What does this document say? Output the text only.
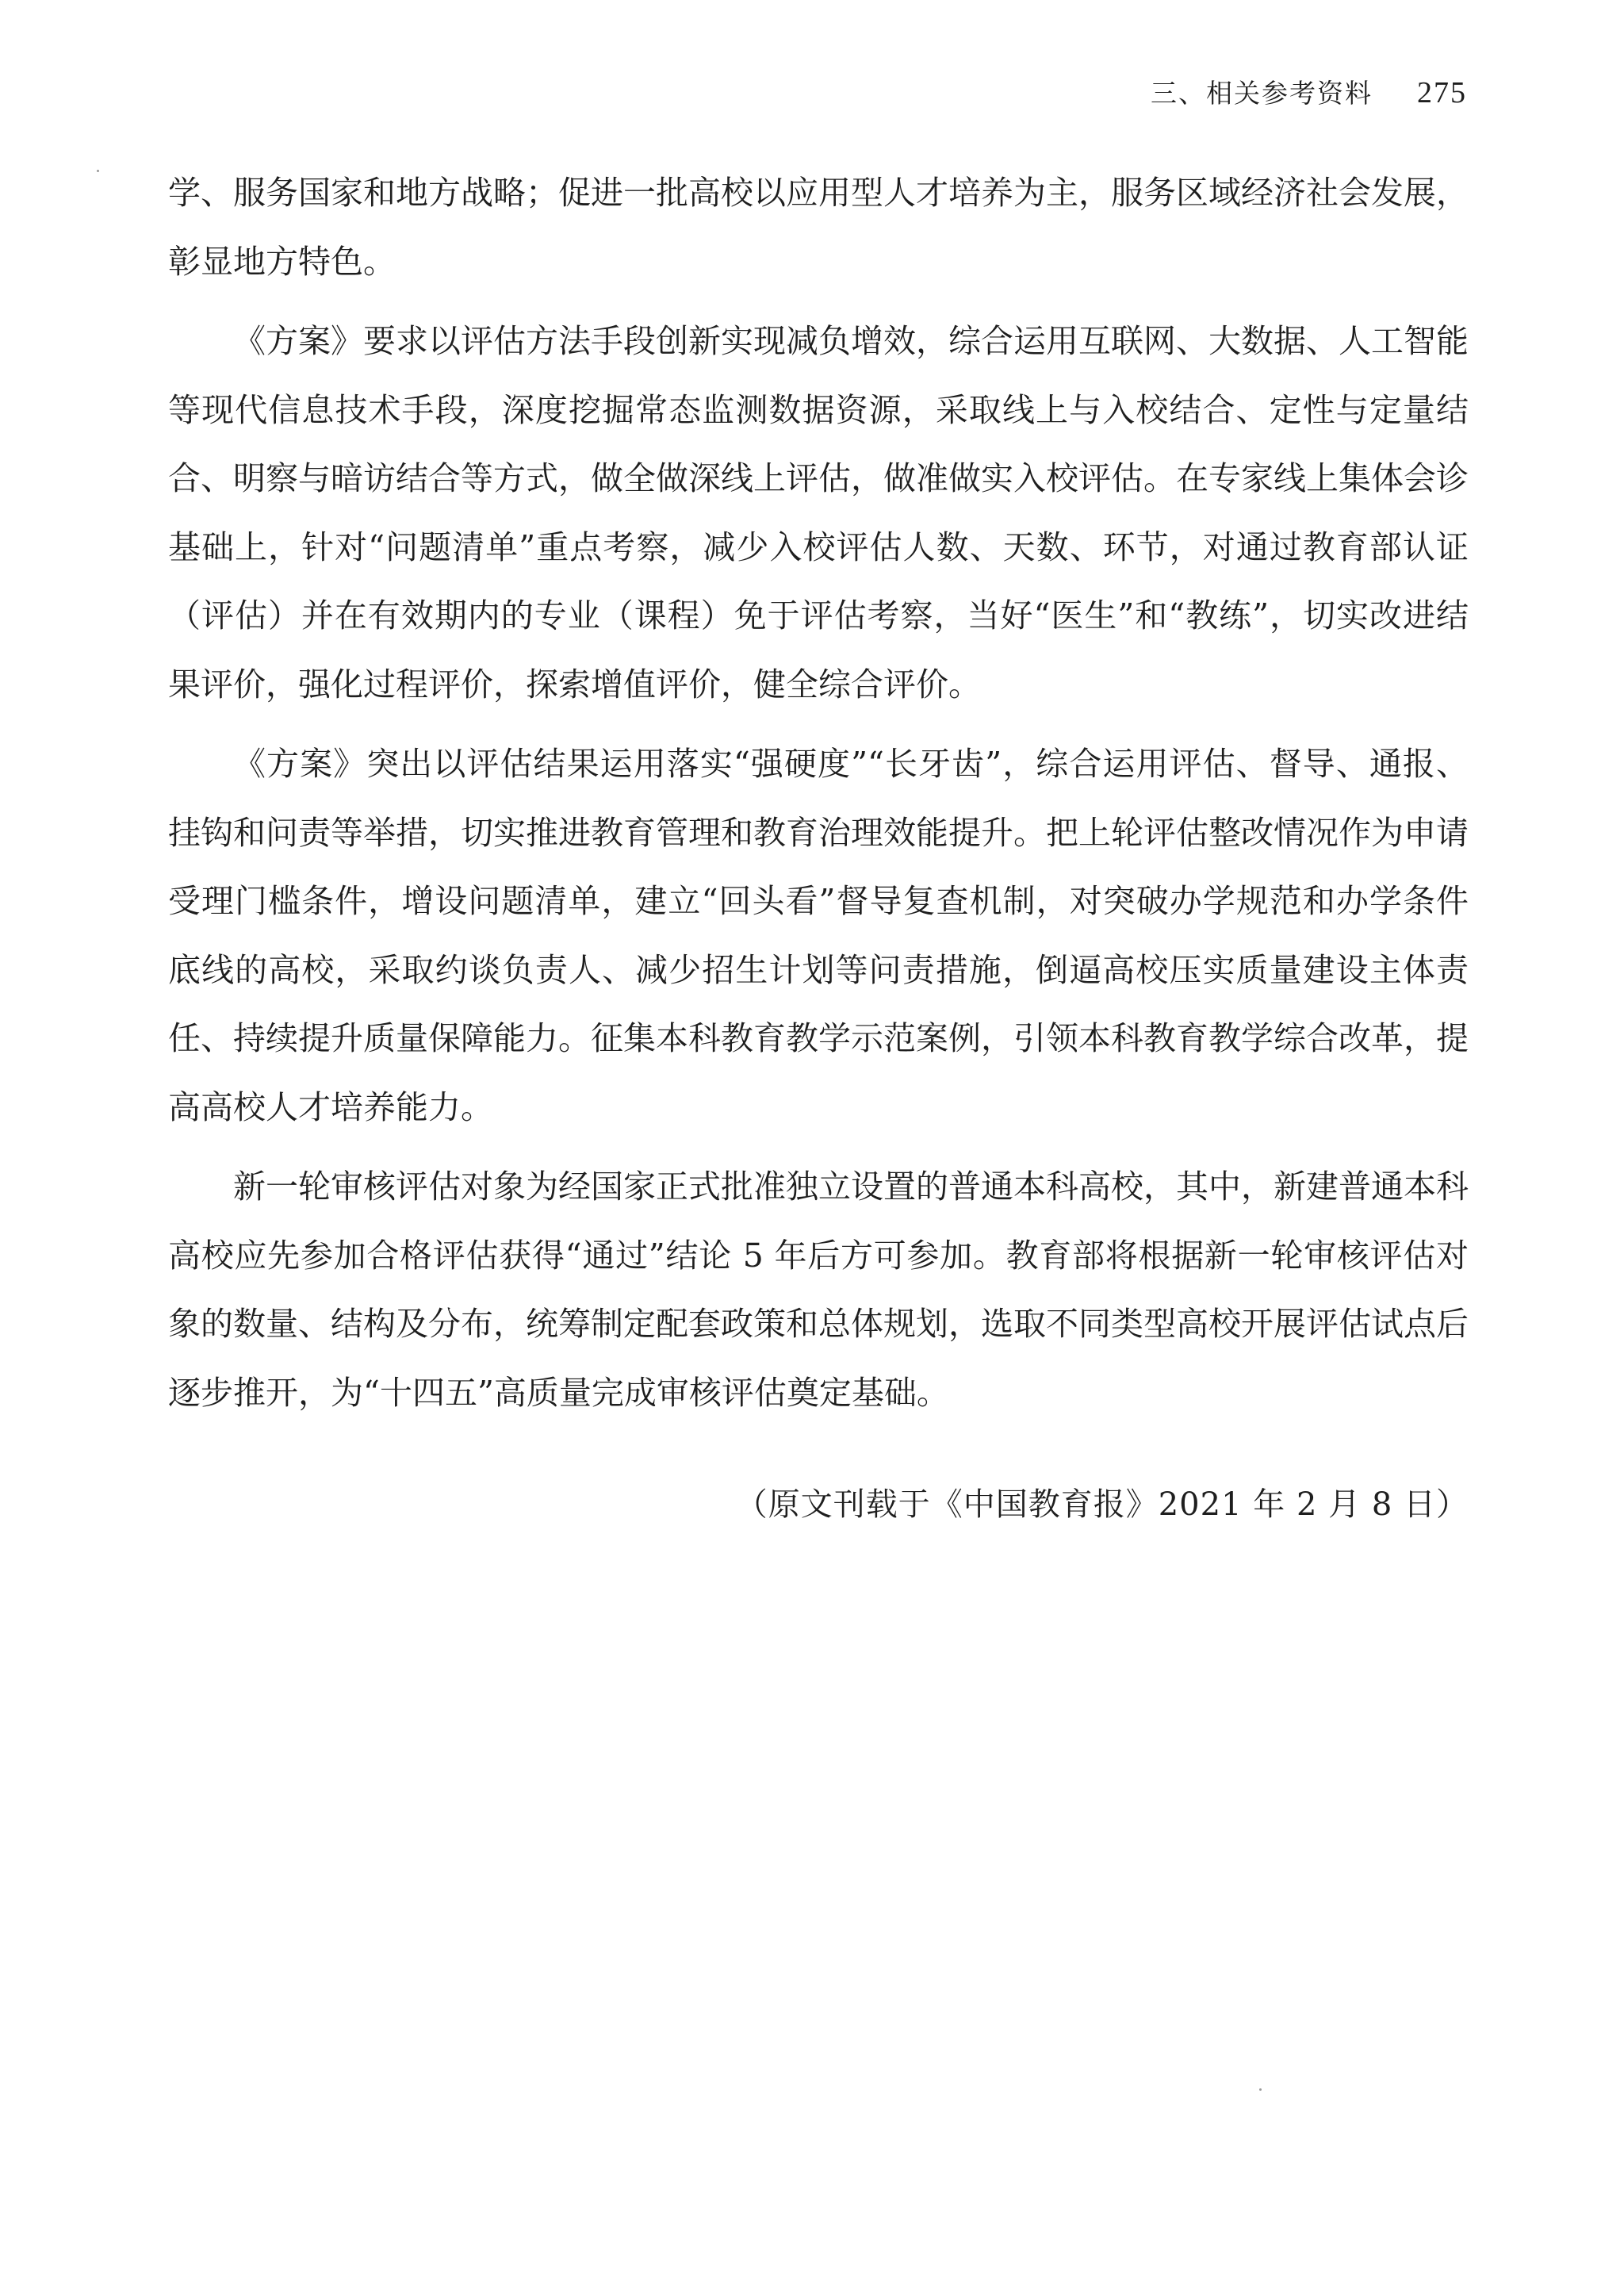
三、相关参考资料 275

学、服务国家和地方战略；促进一批高校以应用型人才培养为主，服务区域经济社会发展，彰显地方特色。

《方案》要求以评估方法手段创新实现减负增效，综合运用互联网、大数据、人工智能等现代信息技术手段，深度挖掘常态监测数据资源，采取线上与入校结合、定性与定量结合、明察与暗访结合等方式，做全做深线上评估，做准做实入校评估。在专家线上集体会诊基础上，针对“问题清单”重点考察，减少入校评估人数、天数、环节，对通过教育部认证（评估）并在有效期内的专业（课程）免于评估考察，当好“医生”和“教练”，切实改进结果评价，强化过程评价，探索增值评价，健全综合评价。

《方案》突出以评估结果运用落实“强硬度”“长牙齿”，综合运用评估、督导、通报、挂钩和问责等举措，切实推进教育管理和教育治理效能提升。把上轮评估整改情况作为申请受理门槛条件，增设问题清单，建立“回头看”督导复查机制，对突破办学规范和办学条件底线的高校，采取约谈负责人、减少招生计划等问责措施，倒逼高校压实质量建设主体责任、持续提升质量保障能力。征集本科教育教学示范案例，引领本科教育教学综合改革，提高高校人才培养能力。

新一轮审核评估对象为经国家正式批准独立设置的普通本科高校，其中，新建普通本科高校应先参加合格评估获得“通过”结论 5 年后方可参加。教育部将根据新一轮审核评估对象的数量、结构及分布，统筹制定配套政策和总体规划，选取不同类型高校开展评估试点后逐步推开，为“十四五”高质量完成审核评估奠定基础。

（原文刊载于《中国教育报》2021 年 2 月 8 日）
